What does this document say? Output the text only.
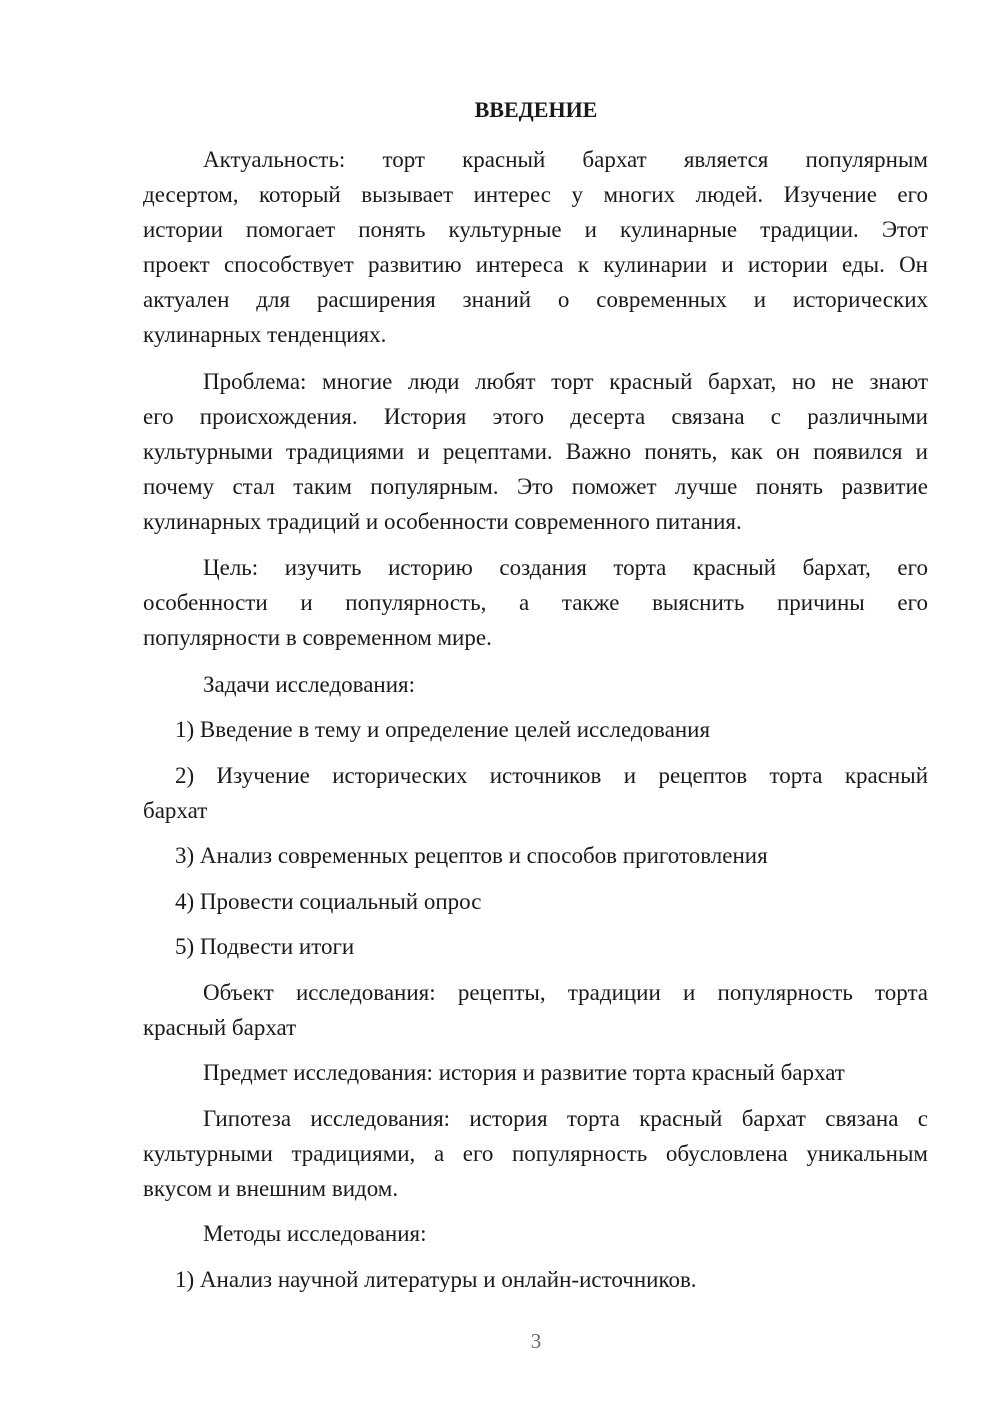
ВВЕДЕНИЕ
Актуальность: торт красный бархат является популярным
десертом, который вызывает интерес у многих людей. Изучение его
истории помогает понять культурные и кулинарные традиции. Этот
проект способствует развитию интереса к кулинарии и истории еды. Он
актуален для расширения знаний о современных и исторических
кулинарных тенденциях.
Проблема: многие люди любят торт красный бархат, но не знают
его происхождения. История этого десерта связана с различными
культурными традициями и рецептами. Важно понять, как он появился и
почему стал таким популярным. Это поможет лучше понять развитие
кулинарных традиций и особенности современного питания.
Цель: изучить историю создания торта красный бархат, его
особенности и популярность, а также выяснить причины его
популярности в современном мире.
Задачи исследования:
1) Введение в тему и определение целей исследования
2) Изучение исторических источников и рецептов торта красный
бархат
3) Анализ современных рецептов и способов приготовления
4) Провести социальный опрос
5) Подвести итоги
Объект исследования: рецепты, традиции и популярность торта
красный бархат
Предмет исследования: история и развитие торта красный бархат
Гипотеза исследования: история торта красный бархат связана с
культурными традициями, а его популярность обусловлена уникальным
вкусом и внешним видом.
Методы исследования:
1) Анализ научной литературы и онлайн-источников.
3
